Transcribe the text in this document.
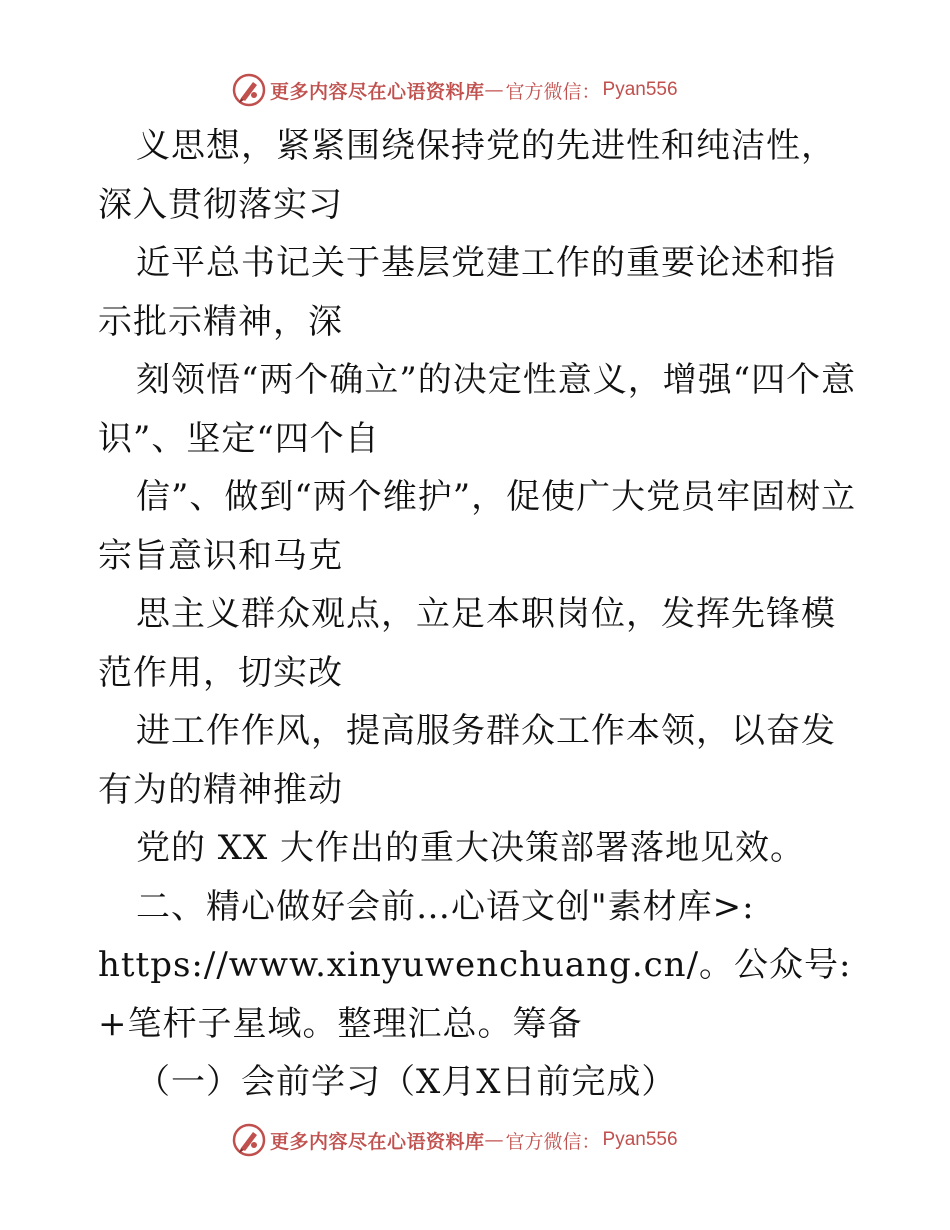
更多内容尽在心语资料库 — 官方微信： Pyan556

义思想，紧紧围绕保持党的先进性和纯洁性，深入贯彻落实习

近平总书记关于基层党建工作的重要论述和指示批示精神，深

刻领悟“两个确立”的决定性意义，增强“四个意识”、坚定“四个自

信”、做到“两个维护”，促使广大党员牢固树立宗旨意识和马克

思主义群众观点，立足本职岗位，发挥先锋模范作用，切实改

进工作作风，提高服务群众工作本领，以奋发有为的精神推动

党的 XX 大作出的重大决策部署落地见效。

二、精心做好会前…心语文创"素材库>: https://www.xinyuwenchuang.cn/。公众号: +笔杆子星域。整理汇总。筹备

（一）会前学习（X月X日前完成）

更多内容尽在心语资料库 — 官方微信： Pyan556
